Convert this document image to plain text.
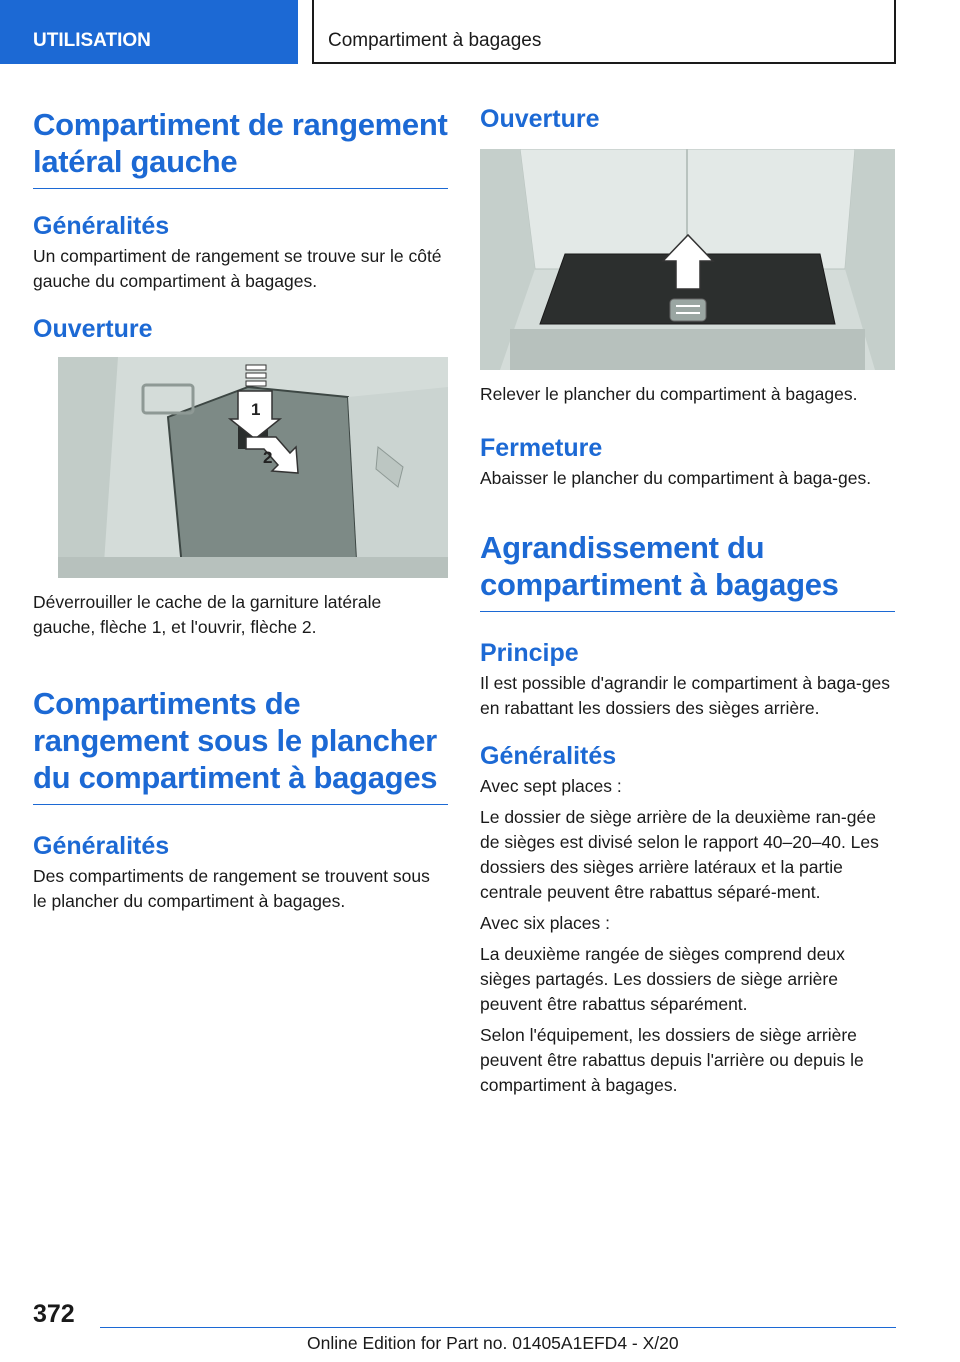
UTILISATION	Compartiment à bagages
Compartiment de rangement latéral gauche
Généralités
Un compartiment de rangement se trouve sur le côté gauche du compartiment à bagages.
Ouverture
1
2
Déverrouiller le cache de la garniture latérale gauche, flèche 1, et l'ouvrir, flèche 2.
Compartiments de rangement sous le plancher du compartiment à bagages
Généralités
Des compartiments de rangement se trouvent sous le plancher du compartiment à bagages.
Ouverture
Relever le plancher du compartiment à bagages.
Fermeture
Abaisser le plancher du compartiment à baga-ges.
Agrandissement du compartiment à bagages
Principe
Il est possible d'agrandir le compartiment à baga-ges en rabattant les dossiers des sièges arrière.
Généralités
Avec sept places :
Le dossier de siège arrière de la deuxième ran-gée de sièges est divisé selon le rapport 40–20–40. Les dossiers des sièges arrière latéraux et la partie centrale peuvent être rabattus séparé-ment.
Avec six places :
La deuxième rangée de sièges comprend deux sièges partagés. Les dossiers de siège arrière peuvent être rabattus séparément.
Selon l'équipement, les dossiers de siège arrière peuvent être rabattus depuis l'arrière ou depuis le compartiment à bagages.
372
Online Edition for Part no. 01405A1EFD4 - X/20
